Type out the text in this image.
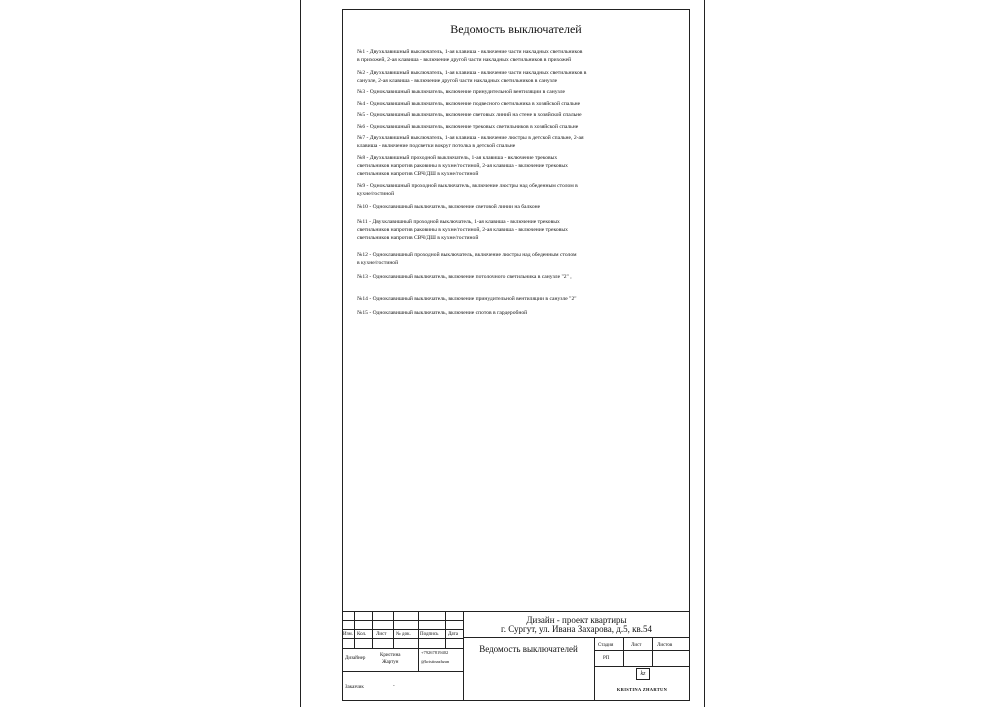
Ведомость выключателей
№1 - Двухклавишный выключатель, 1-ая клавиша - включение части накладных светильников
в прихожей, 2-ая клавиша - включение другой части накладных светильников в прихожей
№2 - Двухклавишный выключатель, 1-ая клавиша - включение части накладных светильников в
санузле, 2-ая клавиша - включение другой части накладных светильников в санузле
№3 - Одноклавишный выключатель, включение принудительной вентиляции в санузле
№4 - Одноклавишный выключатель, включение подвесного светильника в хозяйской спальне
№5 - Одноклавишный выключатель, включение световых линий на стене в хозяйской спальне
№6 - Одноклавишный выключатель, включение трековых светильников в хозяйской спальне
№7 - Двухклавишный выключатель, 1-ая клавиша - включение люстры в детской спальне, 2-ая
клавиша - включение подсветки вокруг потолка в детской спальне
№8 - Двухклавишный проходной выключатель, 1-ая клавиша - включение трековых
светильников напротив раковины в кухне/гостиной, 2-ая клавиша - включение трековых
светильников напротив СВЧ/ДШ в кухне/гостиной
№9 - Одноклавишный проходной выключатель, включение люстры над обеденным столом в
кухне/гостиной
№10 - Одноклавишный выключатель, включение световой линии на балконе
№11 - Двухклавишный проходной выключатель, 1-ая клавиша - включение трековых
светильников напротив раковины в кухне/гостиной, 2-ая клавиша - включение трековых
светильников напротив СВЧ/ДШ в кухне/гостиной
№12 - Одноклавишный проходной выключатель, включение люстры над обеденным столом
в кухне/гостиной
№13 - Одноклавишный выключатель, включение потолочного светильника в санузле "2" ,
№14 - Одноклавишный выключатель, включение принудительной вентиляции в санузле "2"
№15 - Одноклавишный выключатель, включение спотов в гардеробной
Изм. Кол. Лист № док. Подпись Дата
Дизайнер
Кристина
Жартун
+79267819402
@kristinazhzan
Заказчик	-
Дизайн - проект квартиры
г. Сургут, ул. Ивана Захарова, д.5, кв.54
Ведомость выключателей	Стадия	Лист	Листов
РП
kz
KRISTINA ZHARTUN
